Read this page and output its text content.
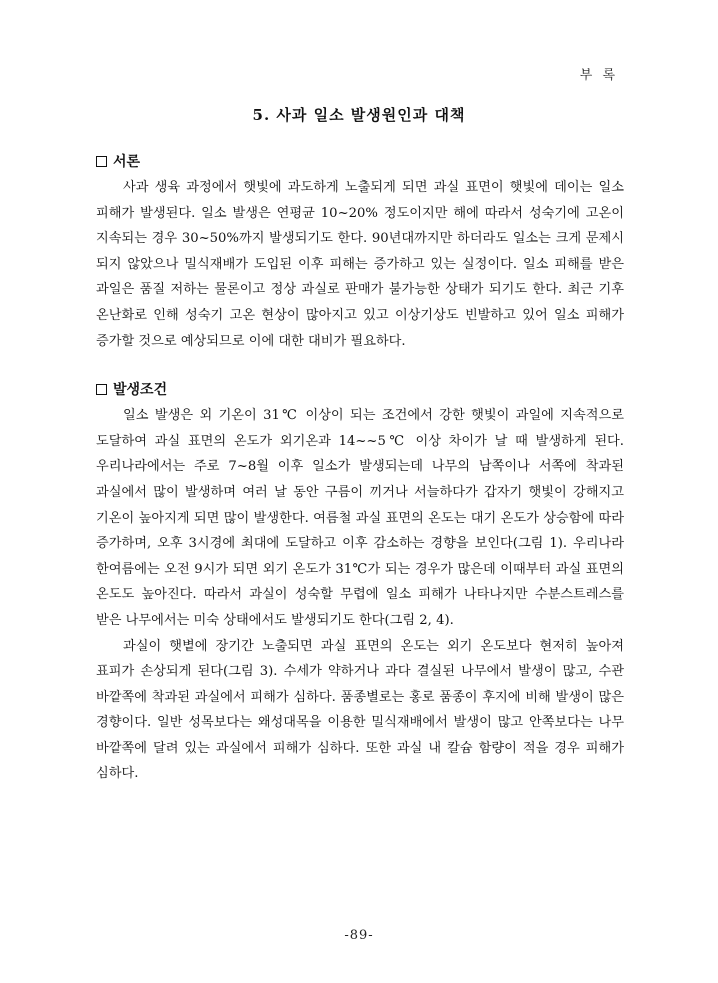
부 록
5. 사과 일소 발생원인과 대책
서론

사과 생육 과정에서 햇빛에 과도하게 노출되게 되면 과실 표면이 햇빛에 데이는 일소 피해가 발생된다. 일소 발생은 연평균 10~20% 정도이지만 해에 따라서 성숙기에 고온이 지속되는 경우 30~50%까지 발생되기도 한다. 90년대까지만 하더라도 일소는 크게 문제시 되지 않았으나 밀식재배가 도입된 이후 피해는 증가하고 있는 실정이다. 일소 피해를 받은 과일은 품질 저하는 물론이고 정상 과실로 판매가 불가능한 상태가 되기도 한다. 최근 기후 온난화로 인해 성숙기 고온 현상이 많아지고 있고 이상기상도 빈발하고 있어 일소 피해가 증가할 것으로 예상되므로 이에 대한 대비가 필요하다.

발생조건

일소 발생은 외 기온이 31℃ 이상이 되는 조건에서 강한 햇빛이 과일에 지속적으로 도달하여 과실 표면의 온도가 외기온과 14~~5℃ 이상 차이가 날 때 발생하게 된다. 우리나라에서는 주로 7~8월 이후 일소가 발생되는데 나무의 남쪽이나 서쪽에 착과된 과실에서 많이 발생하며 여러 날 동안 구름이 끼거나 서늘하다가 갑자기 햇빛이 강해지고 기온이 높아지게 되면 많이 발생한다. 여름철 과실 표면의 온도는 대기 온도가 상승함에 따라 증가하며, 오후 3시경에 최대에 도달하고 이후 감소하는 경향을 보인다(그림 1). 우리나라 한여름에는 오전 9시가 되면 외기 온도가 31℃가 되는 경우가 많은데 이때부터 과실 표면의 온도도 높아진다. 따라서 과실이 성숙할 무렵에 일소 피해가 나타나지만 수분스트레스를 받은 나무에서는 미숙 상태에서도 발생되기도 한다(그림 2, 4).

과실이 햇볕에 장기간 노출되면 과실 표면의 온도는 외기 온도보다 현저히 높아져 표피가 손상되게 된다(그림 3). 수세가 약하거나 과다 결실된 나무에서 발생이 많고, 수관 바깥쪽에 착과된 과실에서 피해가 심하다. 품종별로는 홍로 품종이 후지에 비해 발생이 많은 경향이다. 일반 성목보다는 왜성대목을 이용한 밀식재배에서 발생이 많고 안쪽보다는 나무 바깥쪽에 달려 있는 과실에서 피해가 심하다. 또한 과실 내 칼슘 함량이 적을 경우 피해가 심하다.

-89-
